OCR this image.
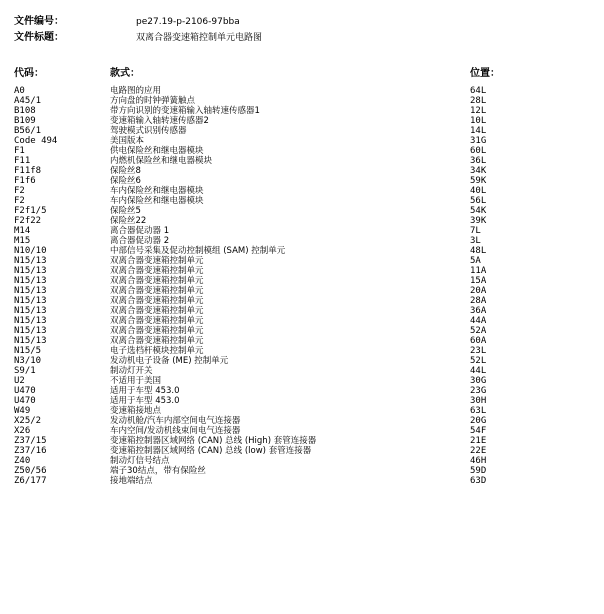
文件编号：	pe27.19-p-2106-97bba
文件标题：	双离合器变速箱控制单元电路图
代码：	款式：	位置：
A0	电路图的应用	64L
A45/1	方向盘的时钟弹簧触点	28L
B108	带方向识别的变速箱输入轴转速传感器1	12L
B109	变速箱输入轴转速传感器2	10L
B56/1	驾驶模式识别传感器	14L
Code 494	美国版本	31G
F1	供电保险丝和继电器模块	60L
F11	内燃机保险丝和继电器模块	36L
F11f8	保险丝8	34K
F1f6	保险丝6	59K
F2	车内保险丝和继电器模块	40L
F2	车内保险丝和继电器模块	56L
F2f1/5	保险丝5	54K
F2f22	保险丝22	39K
M14	离合器促动器 1	7L
M15	离合器促动器 2	3L
N10/10	中部信号采集及促动控制模组 (SAM) 控制单元	48L
N15/13	双离合器变速箱控制单元	5A
N15/13	双离合器变速箱控制单元	11A
N15/13	双离合器变速箱控制单元	15A
N15/13	双离合器变速箱控制单元	20A
N15/13	双离合器变速箱控制单元	28A
N15/13	双离合器变速箱控制单元	36A
N15/13	双离合器变速箱控制单元	44A
N15/13	双离合器变速箱控制单元	52A
N15/13	双离合器变速箱控制单元	60A
N15/5	电子选档杆模块控制单元	23L
N3/10	发动机电子设备 (ME) 控制单元	52L
S9/1	制动灯开关	44L
U2	不适用于美国	30G
U470	适用于车型 453.0	23G
U470	适用于车型 453.0	30H
W49	变速箱接地点	63L
X25/2	发动机舱/汽车内部空间电气连接器	20G
X26	车内空间/发动机线束间电气连接器	54F
Z37/15	变速箱控制器区域网络 (CAN) 总线 (High) 套管连接器	21E
Z37/16	变速箱控制器区域网络 (CAN) 总线 (low) 套管连接器	22E
Z40	制动灯信号结点	46H
Z50/56	端子30结点，带有保险丝	59D
Z6/177	接地端结点	63D
